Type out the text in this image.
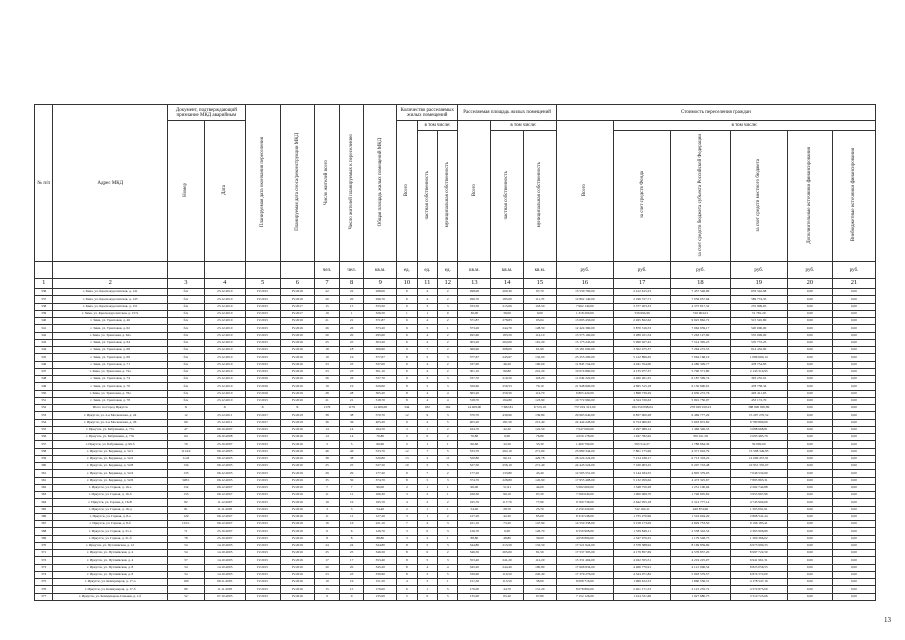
№ п/п	Адрес МКД	Документ, подтверждающий признание МКД аварийным		Планируемая дата окончания переселения	Планируемая дата сноса/реконструкции МКД	Число жителей всего	Число жителей планируемых к переселению	Общая площадь жилых помещений МКД	Количество расселяемых жилых помещений			Расселяемая площадь жилых помещений			Стоимость переселения граждан					
		Номер	Дата						Всего	в том числе:		Всего	в том числе:		Всего	в том числе:				
										частная собственность	муниципальная собственность		частная собственность	муниципальная собственность		за счет средств Фонда	за счет средств бюджета субъекта Российской Федерации	за счет средств местного бюджета	Дополнительные источники финансирования	Внебюджетные источники финансирования
						чел.	чел.	кв.м.	ед.	ед.	ед.	кв.м.	кв.м.	кв.м.	руб.	руб.	руб.	руб.	руб.	руб.
1	2	3	4	5	6	7	8	9	10	11	12	13	14	15	16	17	18	19	20	21
336	г. Зима, ул. Краснокурсантская, д. 141	б/н	23.12.2010	IV.2015	IV.2016	22	22	298,00	6	4	2	298,00	200,30	97,70	13 530 700,00	2 412 615,23	7 457 546,09	676 542,68	0,00	0,00
337	г. Зима, ул. Краснокурсантская, д. 145	б/н	23.12.2010	IV.2015	IV.2016	20	20	296,70	6	4	2	296,70	185,00	111,70	12 802 140,00	2 196 727,71	7 056 057,94	589 774,35	0,00	0,00
338	г. Зима, ул. Краснокурсантская, д. 151	б/н	23.12.2010	IV.2015	IV.2017	15	15	333,50	6	3	3	333,50	215,00	118,50	7 962 140,00	3 377 203,33	4 375 817,32	255 999,65	0,00	0,00
339	г. Зима, ул. Краснокурсантская, д. 157а	б/н	23.12.2010	IV.2015	IV.2017	19	1	326,50	1	1	0	36,00	39,00	0,00	1 318 200,00	539 694,96	726 904,01	51 781,29	0,00	0,00
340	г. Зима, ул. Трактовая, д. 46	б/н	23.12.2010	IV.2015	IV.2016	21	21	371,87	6	4	2	371,87	278,83	93,04	13 095 456,00	2 495 822,62	9 925 862,72	515 545,80	0,00	0,00
341	г. Зима, ул. Трактовая, д. 62	б/н	23.12.2010	IV.2015	IV.2016	26	26	373,20	6	5	1	373,20	244,70	128,50	12 424 360,00	3 870 316,53	7 062 959,17	520 000,00	0,00	0,00
342	г. Зима, ул. Трактовая, д. 62а	б/н	23.12.2010	IV.2015	IV.2016	20	20	295,60	6	4	2	295,60	183,50	112,10	13 575 100,00	3 289 101,54	7 263 127,69	555 009,00	0,00	0,00
343	г. Зима, ул. Трактовая, д. 64	б/н	23.12.2010	IV.2015	IV.2016	25	25	303,20	6	4	2	303,20	202,00	101,20	15 175 245,00	5 090 027,45	7 514 395,23	570 772,25	0,00	0,00
344	г. Зима, ул. Трактовая, д. 68	б/н	23.12.2010	IV.2015	IV.2016	18	18	369,90	9	7	2	369,90	308,00	61,90	13 181 000,00	3 302 475,37	7 264 272,55	614 452,00	0,00	0,00
345	г. Зима, ул. Трактовая, д. 69	б/н	23.12.2010	IV.2015	IV.2016	19	19	377,67	8	5	3	377,67	245,67	132,00	23 255 200,00	5 122 896,65	7 064 168,19	1 086 690,14	0,00	0,00
346	г. Зима, ул. Трактовая, д. 71	б/н	23.12.2010	IV.2015	IV.2016	23	23	337,00	6	4	2	337,00	46,20	100,00	11 845 744,00	4 041 354,00	4 280 309,77	478 754,83	0,00	0,00
347	г. Зима, ул. Трактовая, д. 72а	б/н	23.12.2010	IV.2015	IV.2016	23	23	301,10	6	4	2	301,10	90,80	210,20	19 074 860,00	4 135 977,37	5 790 571,80	2 143 310,95	0,00	0,00
348	г. Зима, ул. Трактовая, д. 74	б/н	23.12.2010	IV.2016	IV.2016	26	26	337,70	6	3	3	337,70	219,50	118,20	11 049 220,00	4 460 261,25	6 187 599,74	393 255,91	0,00	0,00
349	г. Зима, ул. Трактовая, д. 76	б/н	23.12.2010	IV.2016	IV.2016	19	19	329,60	8	5	3	329,60	250,53	79,10	21 948 900,00	4 695 315,18	6 150 690,91	478 758,34	0,00	0,00
350	г. Зима, ул. Трактовая, д. 76а	б/н	23.12.2010	IV.2016	IV.2016	28	28	365,20	8	4	4	365,20	250,50	114,70	6 805 420,00	1 898 739,29	4 930 272,76	403 411,95	0,00	0,00
351	г. Зима, ул. Трактовая, д. 78	б/н	23.12.2010	IV.2015	IV.2016	21	21	318,70	8	4	4	318,70	194,80	123,90	10 772 960,00	4 324 720,63	5 991 750,97	453 172,70	0,00	0,00
352	Итого по Город Иркутск	X	X	X	X	1179	1179	14 409,00	344	182	162	14 409,00	7 682,81	6 723,19	737 019 313,00	184 550 098,04	278 029 919,23	388 990 995,89	0,00	0,00
353	г. Иркутск, ул. 2-я Московская, д. 24	12	23.12.2011	IV.2017	IV.2019	38	38	570,70	12	9	3	570,70	430,90	139,80	29 963 640,00	6 857 000,28	6 469 777,29	15 207 270,52	0,00	0,00
354	г. Иркутск, ул. 2-я Московская, д. 26	69	25.12.2011	IV.2017	IV.2019	36	36	405,20	9	4	5	405,20	181,50	215,40	22 444 228,00	6 754 960,65	5 603 872,82	9 780 899,00	0,00	0,00
355	г. Иркутск, ул. Бабушкина, д. 77а	47	09.10.2007	IV.2015	IV.2016	14	14	164,70	3	1	2	164,70	42,20	122,50	7 047 000,00	2 297 089,14	1 466 346,33	3 088 668,81	0,00	0,00
356	г. Иркутск, ул. Бабушкина, д. 77в	64	26.10.2008	IV.2015	IV.2016	14	14	76,80	2	0	2	76,80	0,00	76,80	4 050 178,00	1 047 782,62	700 911,59	2 095 483,79	0,00	0,00
357	г. Иркутск, ул. Бабушкина, д. 90-б	70	25.10.2007	IV.2015	IV.2016	5	5	66,60	2	1	1	66,60	32,50	33,30	1 460 790,00	595 514,27	1 786 664,30	59 000,00	0,00	0,00
358	г. Иркутск, ул. Баррикад, д. 52/1	1114/2	06.12.2005	IV.2015	IV.2016	46	46	533,70	12	7	5	533,70	262,10	271,60	25 680 344,00	7 801 175,96	4 371 916,79	13 508 349,85	0,00	0,00
359	г. Иркутск, ул. Баррикад, д. 52/2	1143	06.12.2005	IV.2015	IV.2016	38	38	520,80	13	2	11	520,80	90,14	429,78	26 224 224,00	7 214 438,17	6 713 318,22	12 096 457,91	0,00	0,00
360	г. Иркутск, ул. Баррикад, д. 52/8	134	06.12.2005	IV.2015	IV.2016	25	25	527,50	10	5	5	527,50	256,10	271,40	24 445 524,00	7 160 003,25	6 297 743,48	10 951 355,07	0,00	0,00
361	г. Иркутск, ул. Баррикад, д. 52/4	133	06.12.2005	IV.2015	IV.2016	29	29	177,20	9	7	2	177,20	133,80	43,40	12 595 551,00	3 144 184,55	4 805 379,05	7 046 532,60	0,00	0,00
361	г. Иркутск, ул. Баррикад, д. 52/6	328/1	06.12.2005	IV.2015	IV.2016	35	30	374,70	8	5	3	374,70	228,80	145,90	17 955 408,00	5 132 059,62	4 473 325,67	7 895 863,31	0,00	0,00
362	г. Иркутск, ул. Горная, д. 16-а	132	06.12.2007	IV.2015	IV.2016	7	7	96,00	2	1	1	96,00	51,91	44,00	5 062 600,00	1 548 750,28	1 251 100,94	2 262 744,88	0,00	0,00
363	г. Иркутск, ул. Горная, д. 16-б	133	06.12.2007	IV.2015	IV.2016	11	11	166,30	3	2	1	166,30	99,10	67,20	7 599 640,00	1 900 069,70	1 746 605,82	3 953 967,96	0,00	0,00
364	г. Иркутск, ул. Горная, д. 16-В	82	11.12.2007	IV.2015	IV.2016	19	19	195,70	4	2	2	195,70	117,70	77,90	9 700 736,00	2 642 055,18	2 312 777,14	4 745 904,60	0,00	0,00
365	г. Иркутск, ул. Горная, д. 16-д	81	11.11.2005	IV.2015	IV.2016	3	3	54,40	2	1	1	54,40	28,70	25,70	2 150 220,00	742 162,21	449 874,96	1 305 091,91	0,00	0,00
366	г. Иркутск, ул. Горная, д. 8-а	129	06.12.2007	IV.2015	IV.2016	11	11	127,20	3	1	2	127,20	42,20	85,00	8 319 548,00	1 755 270,96	1 516 004,29	2 868 541,24	0,00	0,00
367	г. Иркутск, ул. Горная, д. 8-б	101/1	06.12.2007	IV.2015	IV.2016	16	16	221,10	7	4	3	221,10	73,20	147,90	14 550 338,00	3 218 173,09	4 829 753,50	9 196 183,41	0,00	0,00
368	г. Иркутск, ул. Горная, д. 31-а	71	25.10.2007	IV.2015	IV.2016	6	6	126,70	3	0	3	126,70	0,00	126,70	6 559 908,00	1 539 849,11	2 558 342,54	2 363 906,89	0,00	0,00
369	г. Иркутск, ул. Горная, д. 31-б	78	25.10.2007	IV.2015	IV.2016	8	8	88,80	3	2	1	88,80	48,80	39,00	4 058 866,00	1 347 970,25	1 179 548,75	1 309 366,02	0,00	0,00
370	г. Иркутск, ул. Пугачёвская, д. 12	54	14.10.2005	IV.2015	IV.2016	24	24	344,80	8	5	3	344,80	213,50	132,50	17 521 924,00	3 378 388,92	8 169 859,69	6 973 999,33	0,00	0,00
371	г. Иркутск, ул. Пугачёвская, д. 4	54	14.10.2005	IV.2015	IV.2016	25	25	346,50	8	6	2	346,50	265,00	81,50	17 537 305,00	4 179 857,69	4 576 857,20	8 997 722,50	0,00	0,00
372	г. Иркутск, ул. Пугачёвская, д. 4	57	14.10.2005	IV.2015	IV.2016	17	17	353,40	8	5	3	353,40	241,20	112,20	15 331 404,00	4 022 355,51	4 219 225,97	6 941 961,31	0,00	0,00
373	г. Иркутск, ул. Пугачёвская, д. 8	54	14.10.2005	IV.2015	IV.2016	20	20	345,20	8	4	4	345,20	244,40	100,80	17 606 834,00	4 466 770,91	4 121 006,54	8 825 056,55	0,00	0,00
374	г. Иркутск, ул. Пугачёвская, д. 8	54	14.10.2005	IV.2015	IV.2016	23	23	330,90	8	3	5	330,90	110,50	220,40	17 379 276,00	4 324 071,82	5 093 579,57	6 874 572,00	0,00	0,00
375	г. Иркутск, ул. Коммунаров, д. 17-а	100	09.11.2005	IV.2015	IV.2016	19	19	151,50	4	3	1	151,50	113,50	38,00	8 008 716,00	1 969 612,53	1 860 556,31	4 178 547,16	0,00	0,00
376	г. Иркутск, ул. Коммунаров, д. 17-б	80	11.11.2005	IV.2015	IV.2016	15	15	176,00	6	1	5	176,00	44,70	131,20	8 078 804,00	2 401 171,53	2 101 255,72	4 574 875,00	0,00	0,00
377	г. Иркутск, ул. Коммунаров-Сальная, д. 1-б	52	07.10.2005	IV.2015	IV.2016	9	9	135,00	5	0	5	135,00	65,20	67,80	7 152 126,00	1 914 331,66	1 927 680,75	3 310 725,66	0,00	0,00
13
